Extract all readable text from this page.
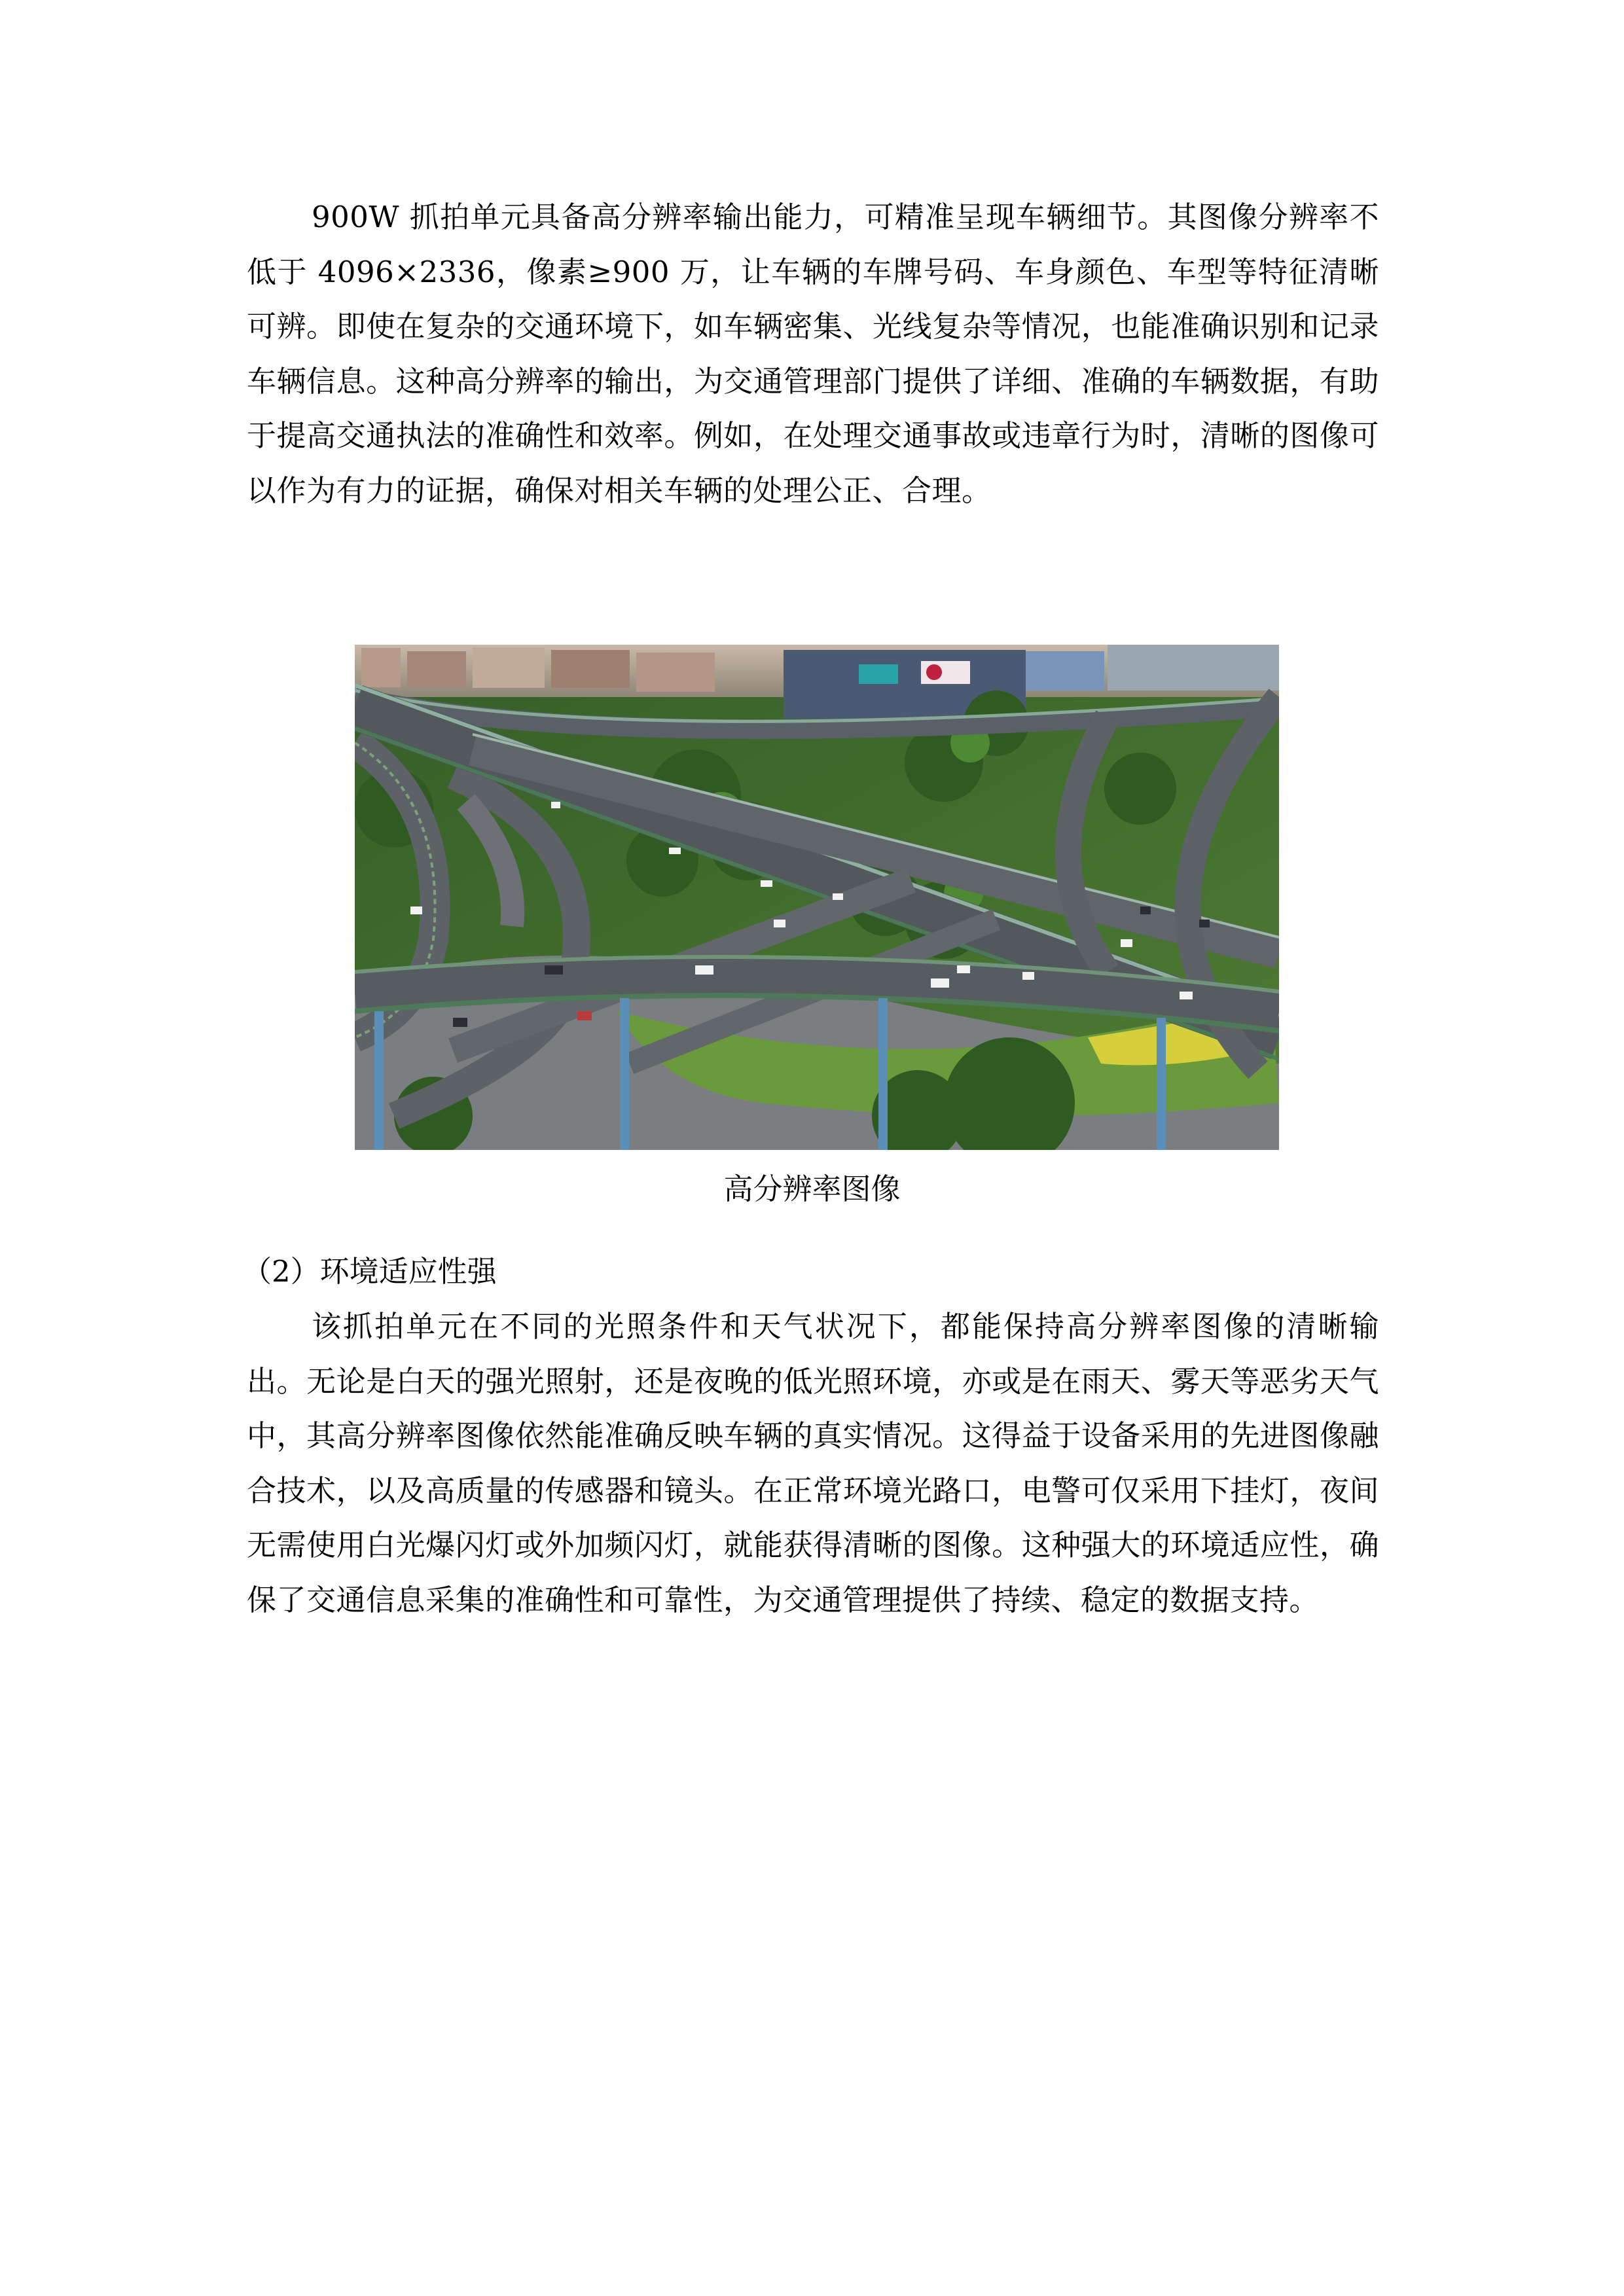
900W 抓拍单元具备高分辨率输出能力，可精准呈现车辆细节。其图像分辨率不低于 4096×2336，像素≥900 万，让车辆的车牌号码、车身颜色、车型等特征清晰可辨。即使在复杂的交通环境下，如车辆密集、光线复杂等情况，也能准确识别和记录车辆信息。这种高分辨率的输出，为交通管理部门提供了详细、准确的车辆数据，有助于提高交通执法的准确性和效率。例如，在处理交通事故或违章行为时，清晰的图像可以作为有力的证据，确保对相关车辆的处理公正、合理。

高分辨率图像
（2）环境适应性强

该抓拍单元在不同的光照条件和天气状况下，都能保持高分辨率图像的清晰输出。无论是白天的强光照射，还是夜晚的低光照环境，亦或是在雨天、雾天等恶劣天气中，其高分辨率图像依然能准确反映车辆的真实情况。这得益于设备采用的先进图像融合技术，以及高质量的传感器和镜头。在正常环境光路口，电警可仅采用下挂灯，夜间无需使用白光爆闪灯或外加频闪灯，就能获得清晰的图像。这种强大的环境适应性，确保了交通信息采集的准确性和可靠性，为交通管理提供了持续、稳定的数据支持。
